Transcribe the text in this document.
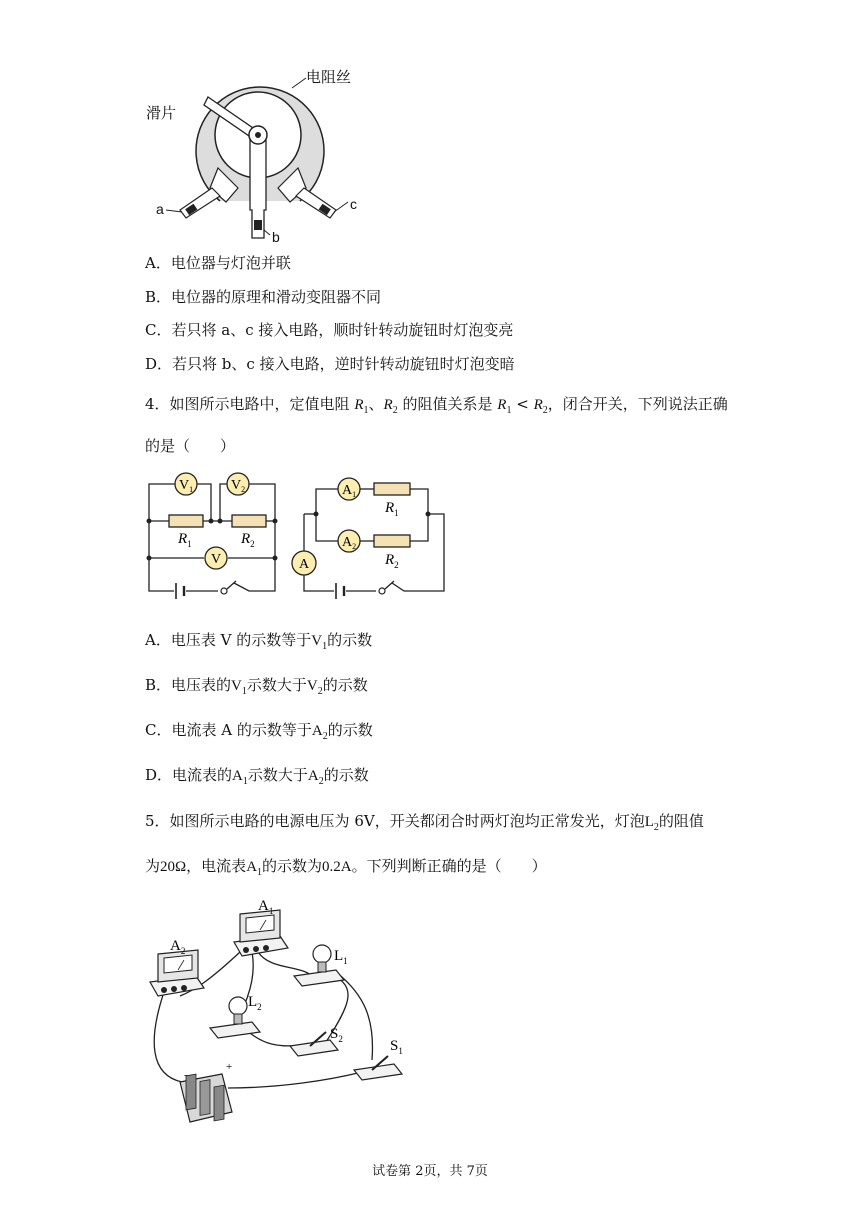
电阻丝
滑片
a
b
c
A．电位器与灯泡并联
B．电位器的原理和滑动变阻器不同
C．若只将 a、c 接入电路，顺时针转动旋钮时灯泡变亮
D．若只将 b、c 接入电路，逆时针转动旋钮时灯泡变暗
4．如图所示电路中，定值电阻 $R_1$、$R_2$ 的阻值关系是 $R_1 < R_2$，闭合开关，下列说法正确
的是（　　）
$V_1$	$V_2$
V
$A_1$
$A_2$
A
$R_1$	$R_2$
$R_1$
$R_2$
A．电压表 V 的示数等于$V_1$的示数
B．电压表的$V_1$示数大于$V_2$的示数
C．电流表 A 的示数等于$A_2$的示数
D．电流表的$A_1$示数大于$A_2$的示数
5．如图所示电路的电源电压为 6V，开关都闭合时两灯泡均正常发光，灯泡$L_2$的阻值
为20Ω，电流表$A_1$的示数为0.2A。下列判断正确的是（　　）
$A_1$
$A_2$	$L_1$
$L_2$
$S_2$	$S_1$
-
+
试卷第 2页，共 7页
